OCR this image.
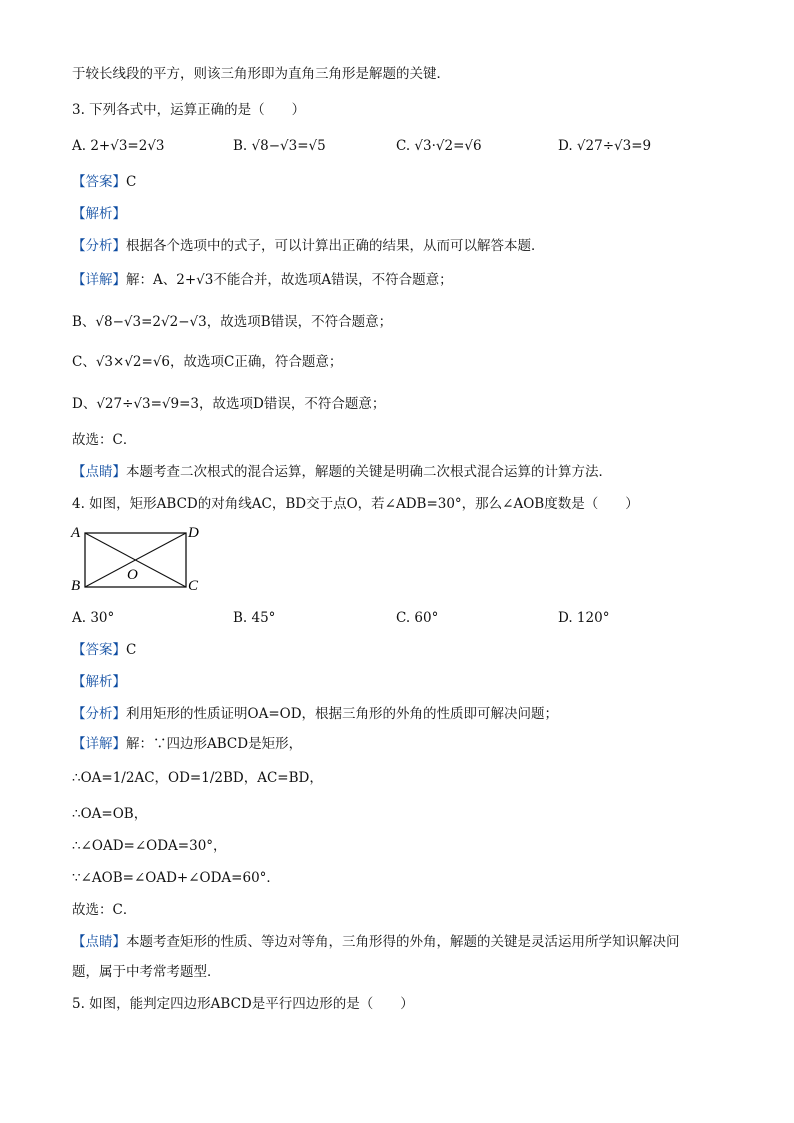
于较长线段的平方，则该三角形即为直角三角形是解题的关键．
3. 下列各式中，运算正确的是（　　）
A. 2+√3=2√3	B. √8−√3=√5	C. √3·√2=√6	D. √27÷√3=9
【答案】C
【解析】
【分析】根据各个选项中的式子，可以计算出正确的结果，从而可以解答本题．
【详解】解：A、2+√3不能合并，故选项A错误，不符合题意；
B、√8−√3=2√2−√3，故选项B错误，不符合题意；
C、√3×√2=√6，故选项C正确，符合题意；
D、√27÷√3=√9=3，故选项D错误，不符合题意；
故选：C．
【点睛】本题考查二次根式的混合运算，解题的关键是明确二次根式混合运算的计算方法．
4. 如图，矩形ABCD的对角线AC，BD交于点O，若∠ADB=30°，那么∠AOB度数是（　　）
A	D
B	C
O
A. 30°	B. 45°	C. 60°	D. 120°
【答案】C
【解析】
【分析】利用矩形的性质证明OA=OD，根据三角形的外角的性质即可解决问题；
【详解】解：∵四边形ABCD是矩形，
∴OA=1/2AC，OD=1/2BD，AC=BD，
∴OA=OB，
∴∠OAD=∠ODA=30°，
∵∠AOB=∠OAD+∠ODA=60°．
故选：C．
【点睛】本题考查矩形的性质、等边对等角，三角形得的外角，解题的关键是灵活运用所学知识解决问
题，属于中考常考题型．
5. 如图，能判定四边形ABCD是平行四边形的是（　　）
